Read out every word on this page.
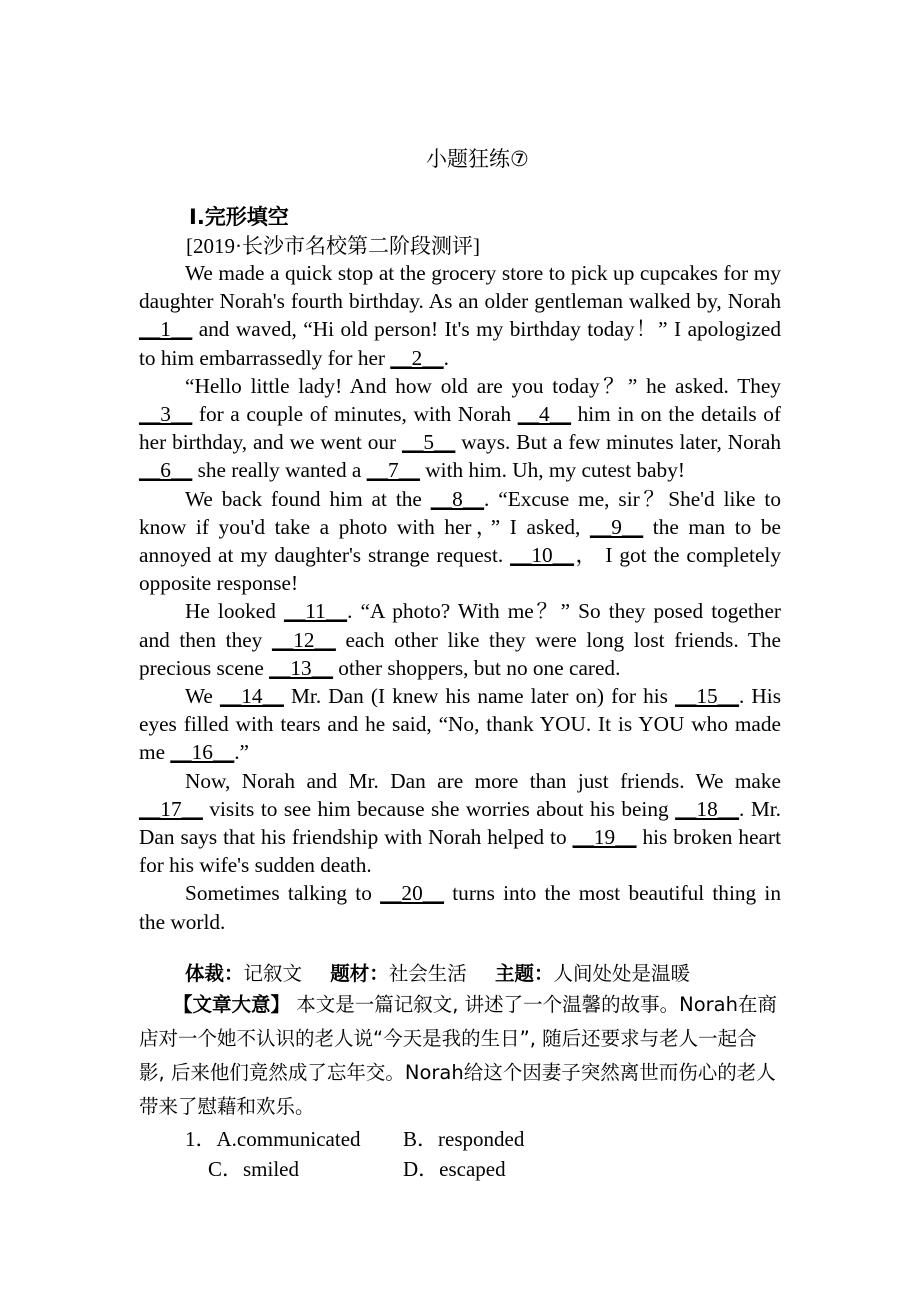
小题狂练⑦
Ⅰ.完形填空
[2019·长沙市名校第二阶段测评]

We made a quick stop at the grocery store to pick up cupcakes for my daughter Norah's fourth birthday. As an older gentleman walked by, Norah __1__ and waved, “Hi old person! It's my birthday today！” I apologized to him embarrassedly for her __2__.

“Hello little lady! And how old are you today？” he asked. They __3__ for a couple of minutes, with Norah __4__ him in on the details of her birthday, and we went our __5__ ways. But a few minutes later, Norah __6__ she really wanted a __7__ with him. Uh, my cutest baby!

We back found him at the __8__. “Excuse me, sir？She'd like to know if you'd take a photo with her，” I asked, __9__ the man to be annoyed at my daughter's strange request. __10__， I got the completely opposite response!

He looked __11__. “A photo? With me？” So they posed together and then they __12__ each other like they were long lost friends. The precious scene __13__ other shoppers, but no one cared.

We __14__ Mr. Dan (I knew his name later on) for his __15__. His eyes filled with tears and he said, “No, thank YOU. It is YOU who made me __16__.”

Now, Norah and Mr. Dan are more than just friends. We make __17__ visits to see him because she worries about his being __18__. Mr. Dan says that his friendship with Norah helped to __19__ his broken heart for his wife's sudden death.

Sometimes talking to __20__ turns into the most beautiful thing in the world.

体裁：记叙文 题材：社会生活 主题：人间处处是温暖
【文章大意】 本文是一篇记叙文, 讲述了一个温馨的故事。Norah在商店对一个她不认识的老人说“今天是我的生日”, 随后还要求与老人一起合影, 后来他们竟然成了忘年交。Norah给这个因妻子突然离世而伤心的老人带来了慰藉和欢乐。
1．A.communicated B．responded
C．smiled	D．escaped
